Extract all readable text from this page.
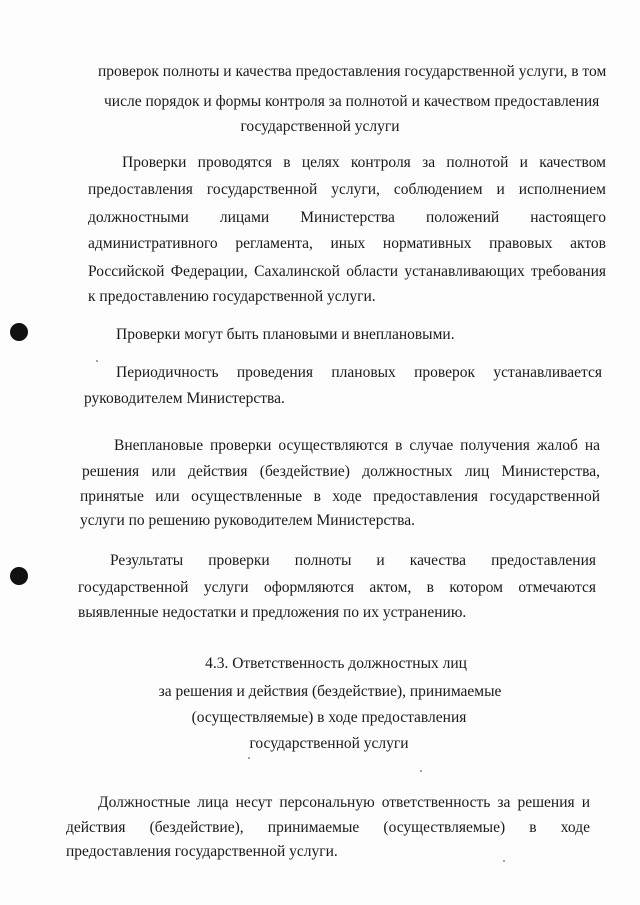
проверок полноты и качества предоставления государственной услуги, в том
числе порядок и формы контроля за полнотой и качеством предоставления
государственной услуги
Проверки проводятся в целях контроля за полнотой и качеством
предоставления государственной услуги, соблюдением и исполнением
должностными лицами Министерства положений настоящего
административного регламента, иных нормативных правовых актов
Российской Федерации, Сахалинской области устанавливающих требования
к предоставлению государственной услуги.
Проверки могут быть плановыми и внеплановыми.
Периодичность проведения плановых проверок устанавливается
руководителем Министерства.
Внеплановые проверки осуществляются в случае получения жалоб на
решения или действия (бездействие) должностных лиц Министерства,
принятые или осуществленные в ходе предоставления государственной
услуги по решению руководителем Министерства.
Результаты проверки полноты и качества предоставления
государственной услуги оформляются актом, в котором отмечаются
выявленные недостатки и предложения по их устранению.
4.3. Ответственность должностных лиц
за решения и действия (бездействие), принимаемые
(осуществляемые) в ходе предоставления
государственной услуги
Должностные лица несут персональную ответственность за решения и
действия (бездействие), принимаемые (осуществляемые) в ходе
предоставления государственной услуги.
